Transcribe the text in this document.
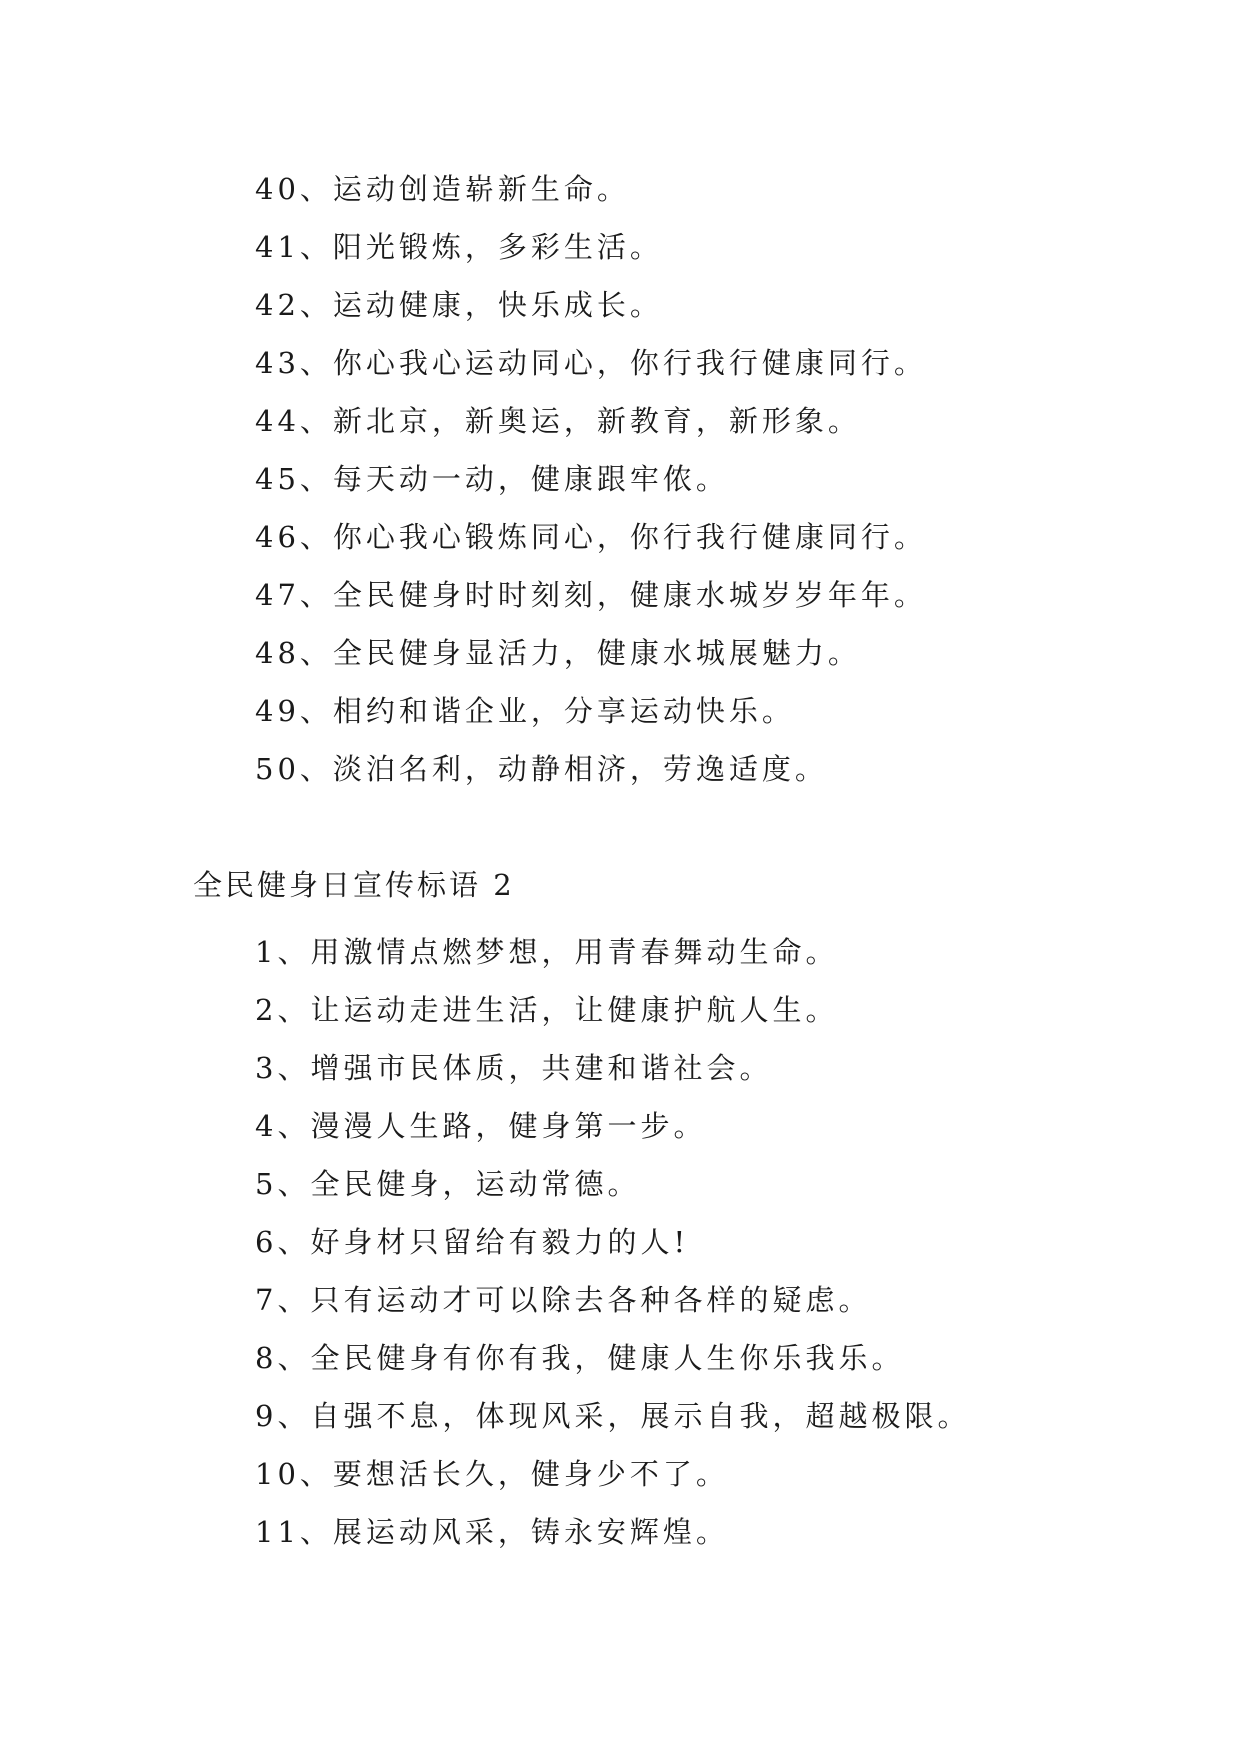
40、运动创造崭新生命。
41、阳光锻炼，多彩生活。
42、运动健康，快乐成长。
43、你心我心运动同心，你行我行健康同行。
44、新北京，新奥运，新教育，新形象。
45、每天动一动，健康跟牢侬。
46、你心我心锻炼同心，你行我行健康同行。
47、全民健身时时刻刻，健康水城岁岁年年。
48、全民健身显活力，健康水城展魅力。
49、相约和谐企业，分享运动快乐。
50、淡泊名利，动静相济，劳逸适度。
全民健身日宣传标语 2
1、用激情点燃梦想，用青春舞动生命。
2、让运动走进生活，让健康护航人生。
3、增强市民体质，共建和谐社会。
4、漫漫人生路，健身第一步。
5、全民健身，运动常德。
6、好身材只留给有毅力的人!
7、只有运动才可以除去各种各样的疑虑。
8、全民健身有你有我，健康人生你乐我乐。
9、自强不息，体现风采，展示自我，超越极限。
10、要想活长久，健身少不了。
11、展运动风采，铸永安辉煌。
